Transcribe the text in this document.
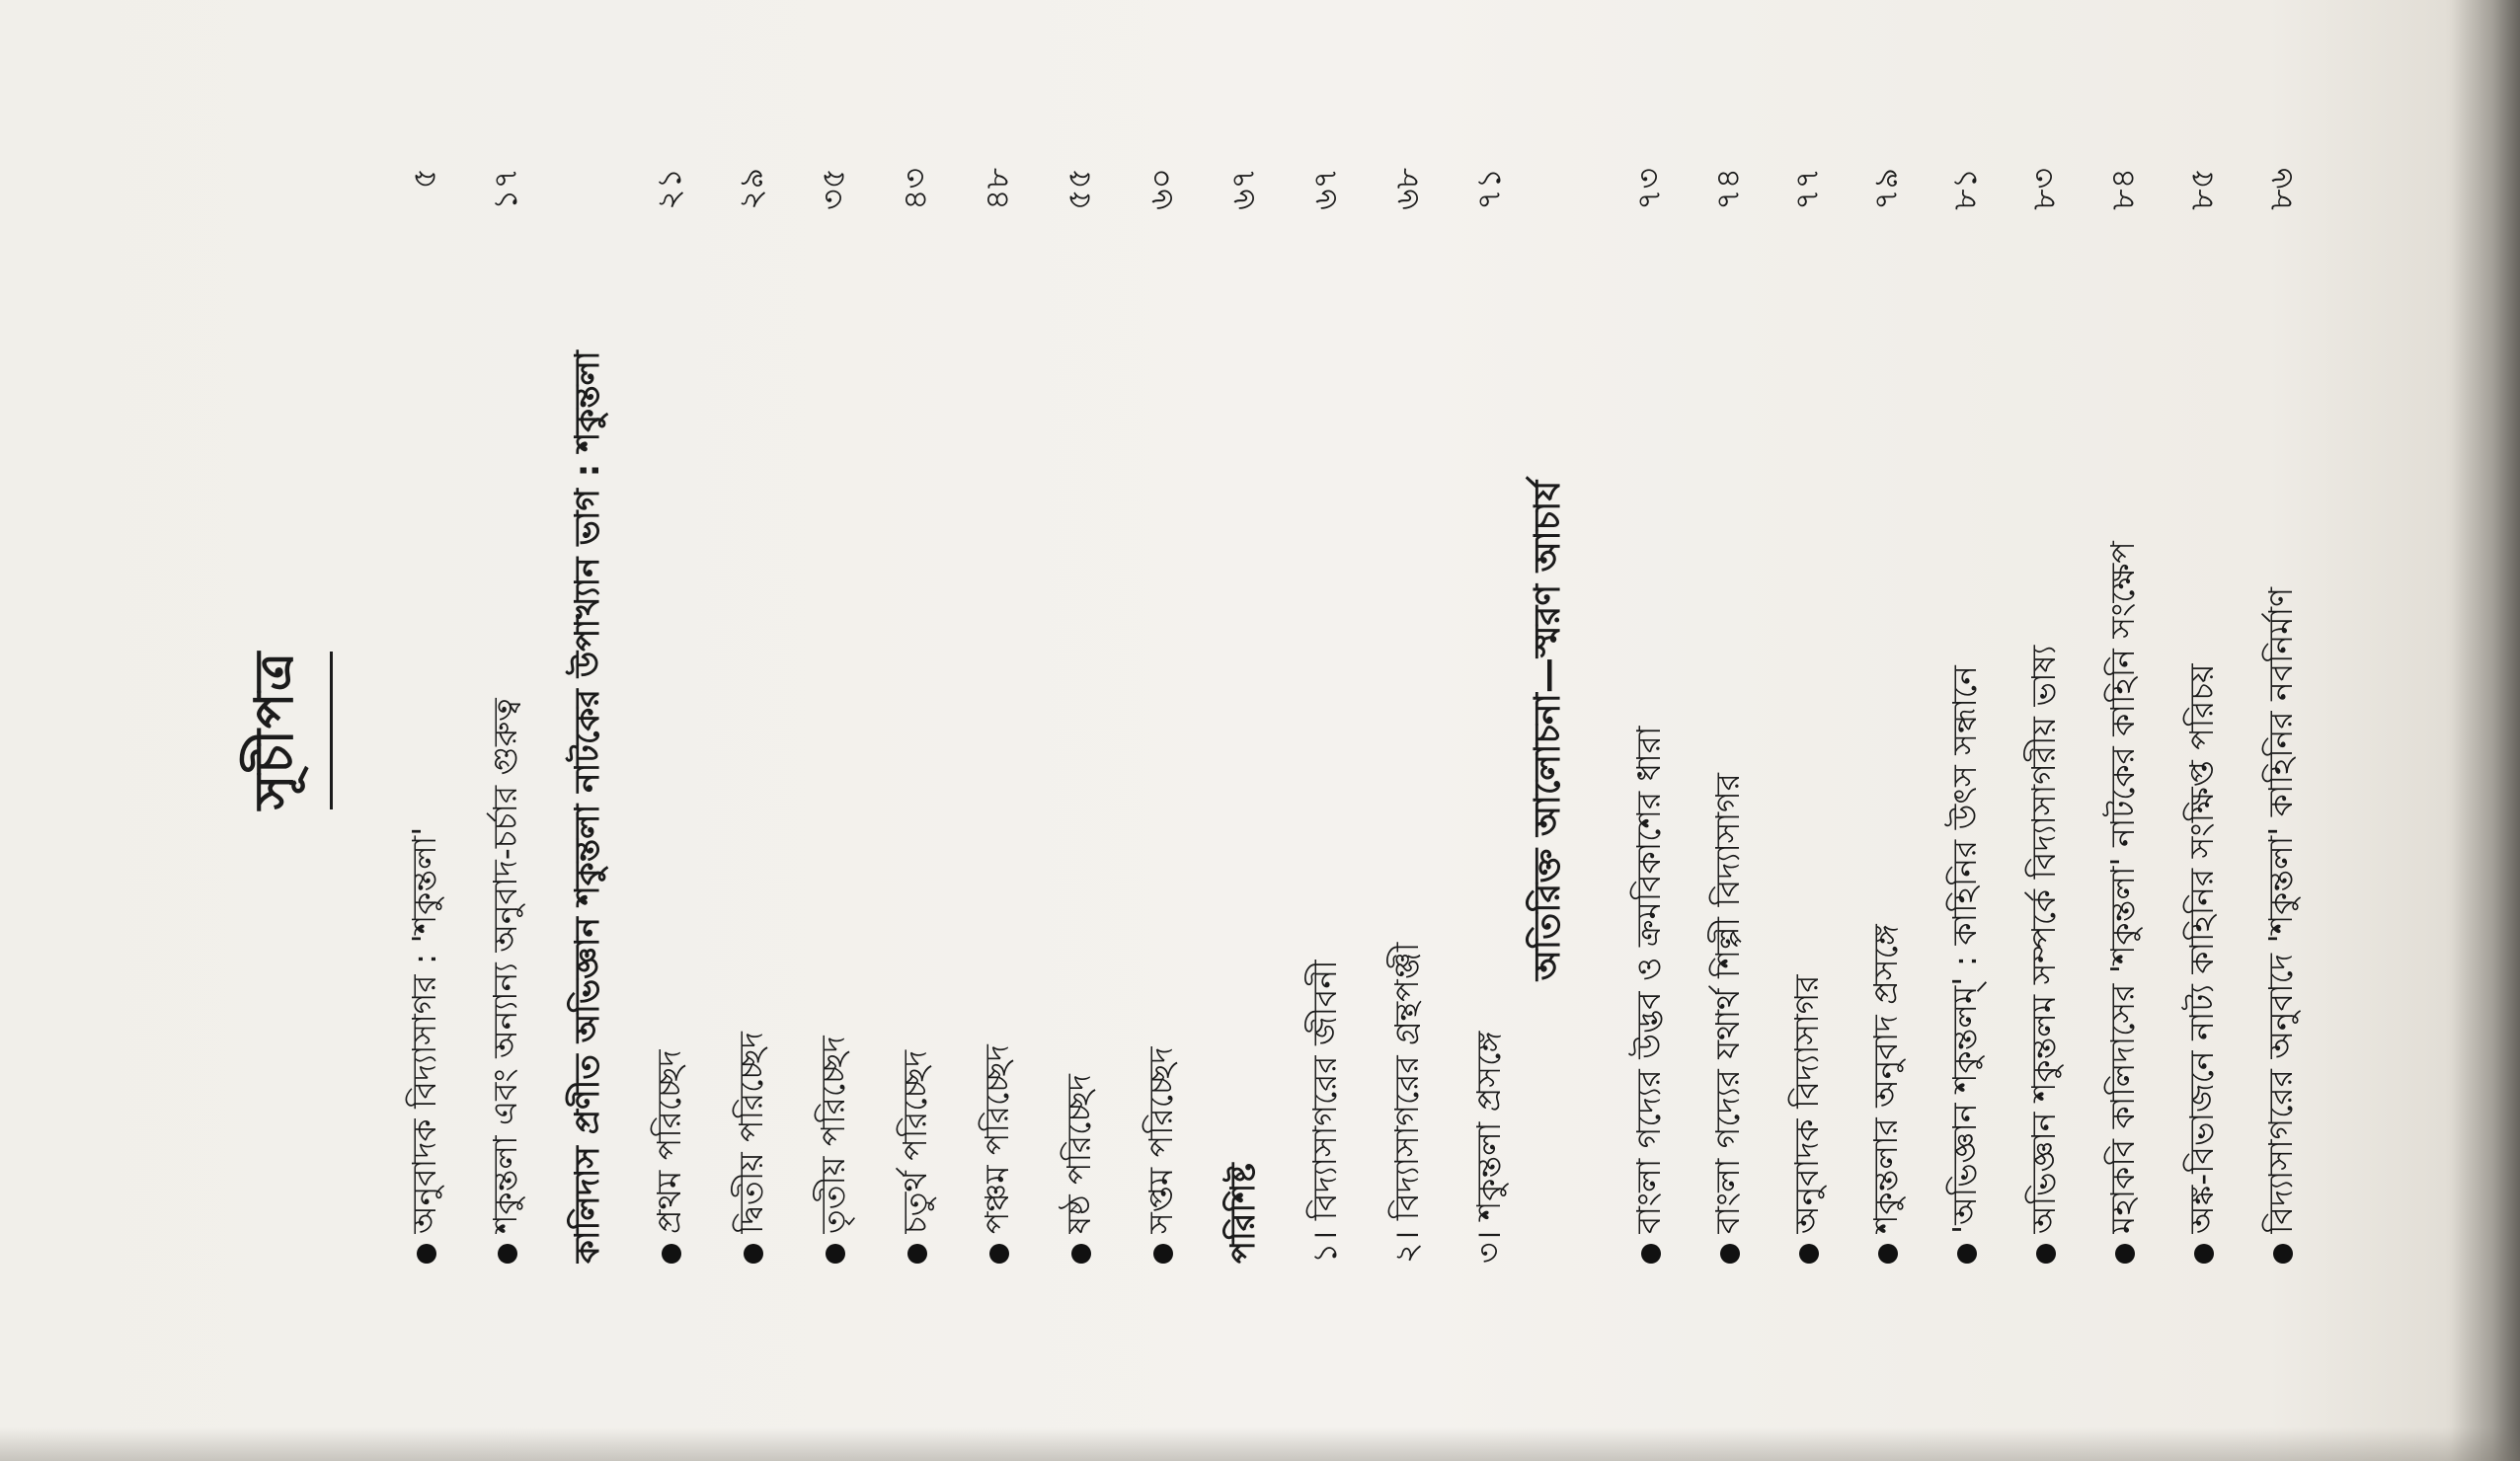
সূচীপত্র
অনুবাদক বিদ্যাসাগর : 'শকুন্তলা'
৫
শকুন্তলা এবং অন্যান্য অনুবাদ-চর্চার গুরুত্ব
১৭
কালিদাস প্রণীত অভিজ্ঞান শকুন্তলা নাটকের উপাখ্যান ভাগ : শকুন্তলা	প্রথম পরিচ্ছেদ
২১
দ্বিতীয় পরিচ্ছেদ
২৯
তৃতীয় পরিচ্ছেদ
৩৫
চতুর্থ পরিচ্ছেদ
৪৩
পঞ্চম পরিচ্ছেদ
৪৮
ষষ্ঠ পরিচ্ছেদ
৫৫
সপ্তম পরিচ্ছেদ
৬০
পরিশিষ্ট
৬৭
১। বিদ্যাসাগরের জীবনী
৬৭
২। বিদ্যাসাগরের গ্রন্থপঞ্জী
৬৮
৩। শকুন্তলা প্রসঙ্গে
৭১
অতিরিক্ত আলোচনা—স্মরণ আচার্য	বাংলা গদ্যের উদ্ভব ও ক্রমবিকাশের ধারা
৭৩
বাংলা গদ্যের যথার্থ শিল্পী বিদ্যাসাগর
৭৪
অনুবাদক বিদ্যাসাগর
৭৭
শকুন্তলার অনুবাদ প্রসঙ্গে
৭৯
'অভিজ্ঞান শকুন্তলম্' : কাহিনির উৎস সন্ধানে
৮১
অভিজ্ঞান শকুন্তলম সম্পর্কে বিদ্যাসাগরীয় ভাষ্য
৮৩
মহাকবি কালিদাসের 'শকুন্তলা' নাটকের কাহিনি সংক্ষেপ
৮৪
অঙ্ক-বিভাজনে নাট্য কাহিনির সংক্ষিপ্ত পরিচয়
৮৫
বিদ্যাসাগরের অনুবাদে 'শকুন্তলা' কাহিনির নবনির্মাণ
৮৬
